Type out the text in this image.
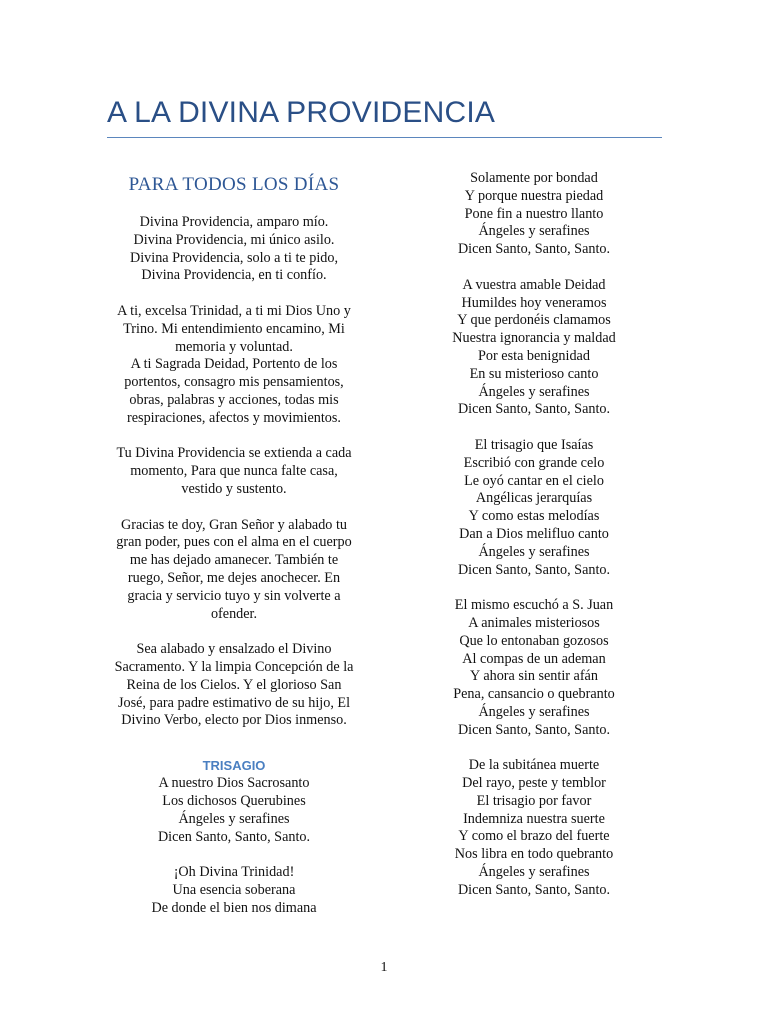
A LA DIVINA PROVIDENCIA
PARA TODOS LOS DÍAS
Divina Providencia, amparo mío.
Divina Providencia, mi único asilo.
Divina Providencia, solo a ti te pido,
Divina Providencia, en ti confío.
A ti, excelsa Trinidad, a ti mi Dios Uno y
Trino. Mi entendimiento encamino, Mi
memoria y voluntad.
A ti Sagrada Deidad, Portento de los
portentos, consagro mis pensamientos,
obras, palabras y acciones, todas mis
respiraciones, afectos y movimientos.
Tu Divina Providencia se extienda a cada
momento, Para que nunca falte casa,
vestido y sustento.
Gracias te doy, Gran Señor y alabado tu
gran poder, pues con el alma en el cuerpo
me has dejado amanecer. También te
ruego, Señor, me dejes anochecer. En
gracia y servicio tuyo y sin volverte a
ofender.
Sea alabado y ensalzado el Divino
Sacramento. Y la limpia Concepción de la
Reina de los Cielos. Y el glorioso San
José, para padre estimativo de su hijo, El
Divino Verbo, electo por Dios inmenso.
TRISAGIO
A nuestro Dios Sacrosanto
Los dichosos Querubines
Ángeles y serafines
Dicen Santo, Santo, Santo.
¡Oh Divina Trinidad!
Una esencia soberana
De donde el bien nos dimana
Solamente por bondad
Y porque nuestra piedad
Pone fin a nuestro llanto
Ángeles y serafines
Dicen Santo, Santo, Santo.
A vuestra amable Deidad
Humildes hoy veneramos
Y que perdonéis clamamos
Nuestra ignorancia y maldad
Por esta benignidad
En su misterioso canto
Ángeles y serafines
Dicen Santo, Santo, Santo.
El trisagio que Isaías
Escribió con grande celo
Le oyó cantar en el cielo
Angélicas jerarquías
Y como estas melodías
Dan a Dios melifluo canto
Ángeles y serafines
Dicen Santo, Santo, Santo.
El mismo escuchó a S. Juan
A animales misteriosos
Que lo entonaban gozosos
Al compas de un ademan
Y ahora sin sentir afán
Pena, cansancio o quebranto
Ángeles y serafines
Dicen Santo, Santo, Santo.
De la subitánea muerte
Del rayo, peste y temblor
El trisagio por favor
Indemniza nuestra suerte
Y como el brazo del fuerte
Nos libra en todo quebranto
Ángeles y serafines
Dicen Santo, Santo, Santo.
1
